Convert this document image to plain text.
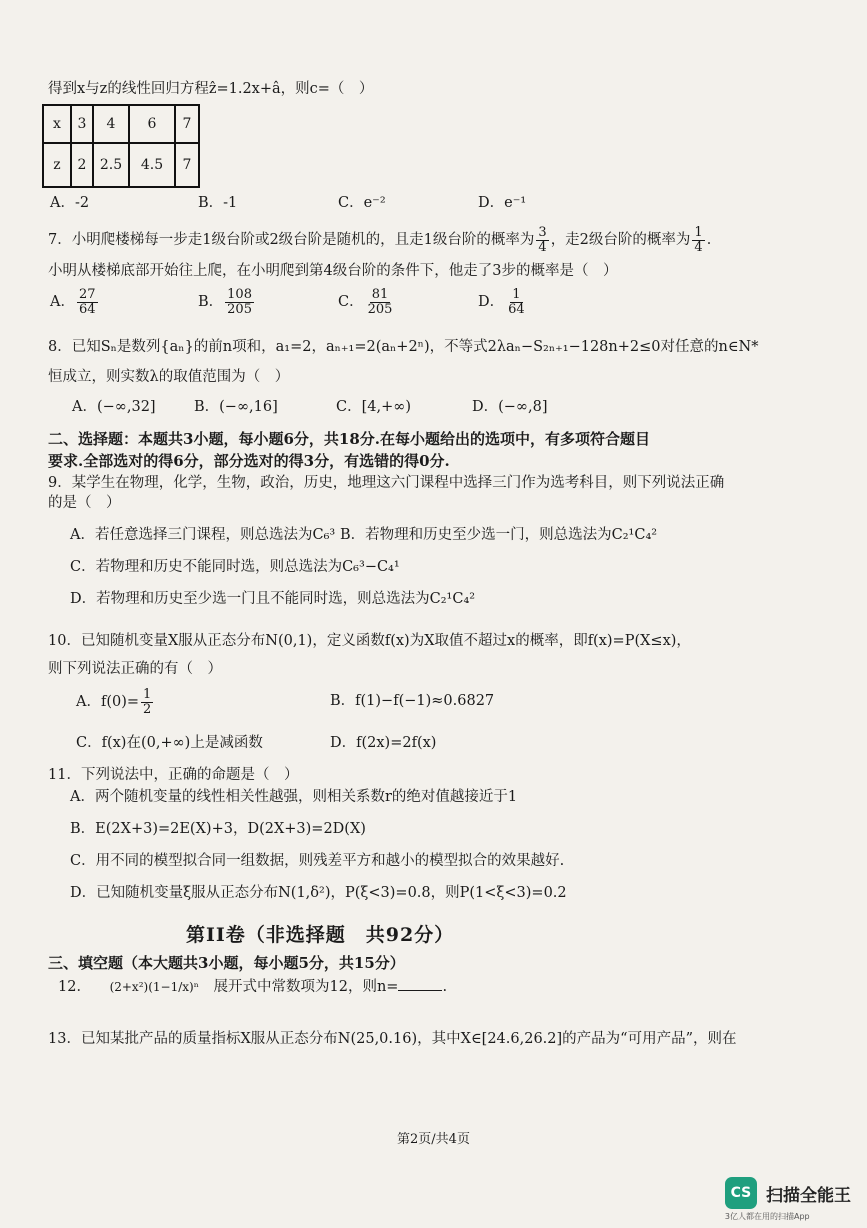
得到x与z的线性回归方程ẑ=1.2x+â，则c=（　）
x	3	4	6	7
z	2	2.5	4.5	7
A．-2	B．-1	C．e⁻²	D．e⁻¹
7．小明爬楼梯每一步走1级台阶或2级台阶是随机的，且走1级台阶的概率为 $\frac{3}{4}$ ，走2级台阶的概率为 $\frac{1}{4}$ ．
小明从楼梯底部开始往上爬，在小明爬到第4级台阶的条件下，他走了3步的概率是（　）
A． $\frac{27}{64}$	B． $\frac{108}{205}$	C． $\frac{81}{205}$	D． $\frac{1}{64}$
8．已知Sₙ是数列{aₙ}的前n项和，a₁=2，aₙ₊₁=2(aₙ+2ⁿ)，不等式2λaₙ−S₂ₙ₊₁−128n+2≤0对任意的n∈N*
恒成立，则实数λ的取值范围为（　）
A．(−∞,32]	B．(−∞,16]	C．[4,+∞)	D．(−∞,8]
二、选择题：本题共3小题，每小题6分，共18分.在每小题给出的选项中，有多项符合题目
要求.全部选对的得6分，部分选对的得3分，有选错的得0分.
9．某学生在物理，化学，生物，政治，历史，地理这六门课程中选择三门作为选考科目，则下列说法正确
的是（　）
A．若任意选择三门课程，则总选法为C₆³ B．若物理和历史至少选一门，则总选法为C₂¹C₄²
C．若物理和历史不能同时选，则总选法为C₆³−C₄¹
D．若物理和历史至少选一门且不能同时选，则总选法为C₂¹C₄²
10．已知随机变量X服从正态分布N(0,1)，定义函数f(x)为X取值不超过x的概率，即f(x)=P(X≤x)，
则下列说法正确的有（　）
A．$f(0)= \frac{1}{2}$	B．f(1)−f(−1)≈0.6827
C．f(x)在(0,+∞)上是减函数	D．f(2x)=2f(x)
11．下列说法中，正确的命题是（　）
A．两个随机变量的线性相关性越强，则相关系数r的绝对值越接近于1
B．E(2X+3)=2E(X)+3，D(2X+3)=2D(X)
C．用不同的模型拟合同一组数据，则残差平方和越小的模型拟合的效果越好.
D．已知随机变量ξ服从正态分布N(1,δ²)，P(ξ<3)=0.8，则P(1<ξ<3)=0.2
第II卷（非选择题　共92分）
三、填空题（本大题共3小题，每小题5分，共15分）
12． (2+x²)(1−1/x)ⁿ 展开式中常数项为12，则n=	.
13．已知某批产品的质量指标X服从正态分布N(25,0.16)，其中X∈[24.6,26.2]的产品为“可用产品”，则在
第2页/共4页
CS 扫描全能王
3亿人都在用的扫描App
